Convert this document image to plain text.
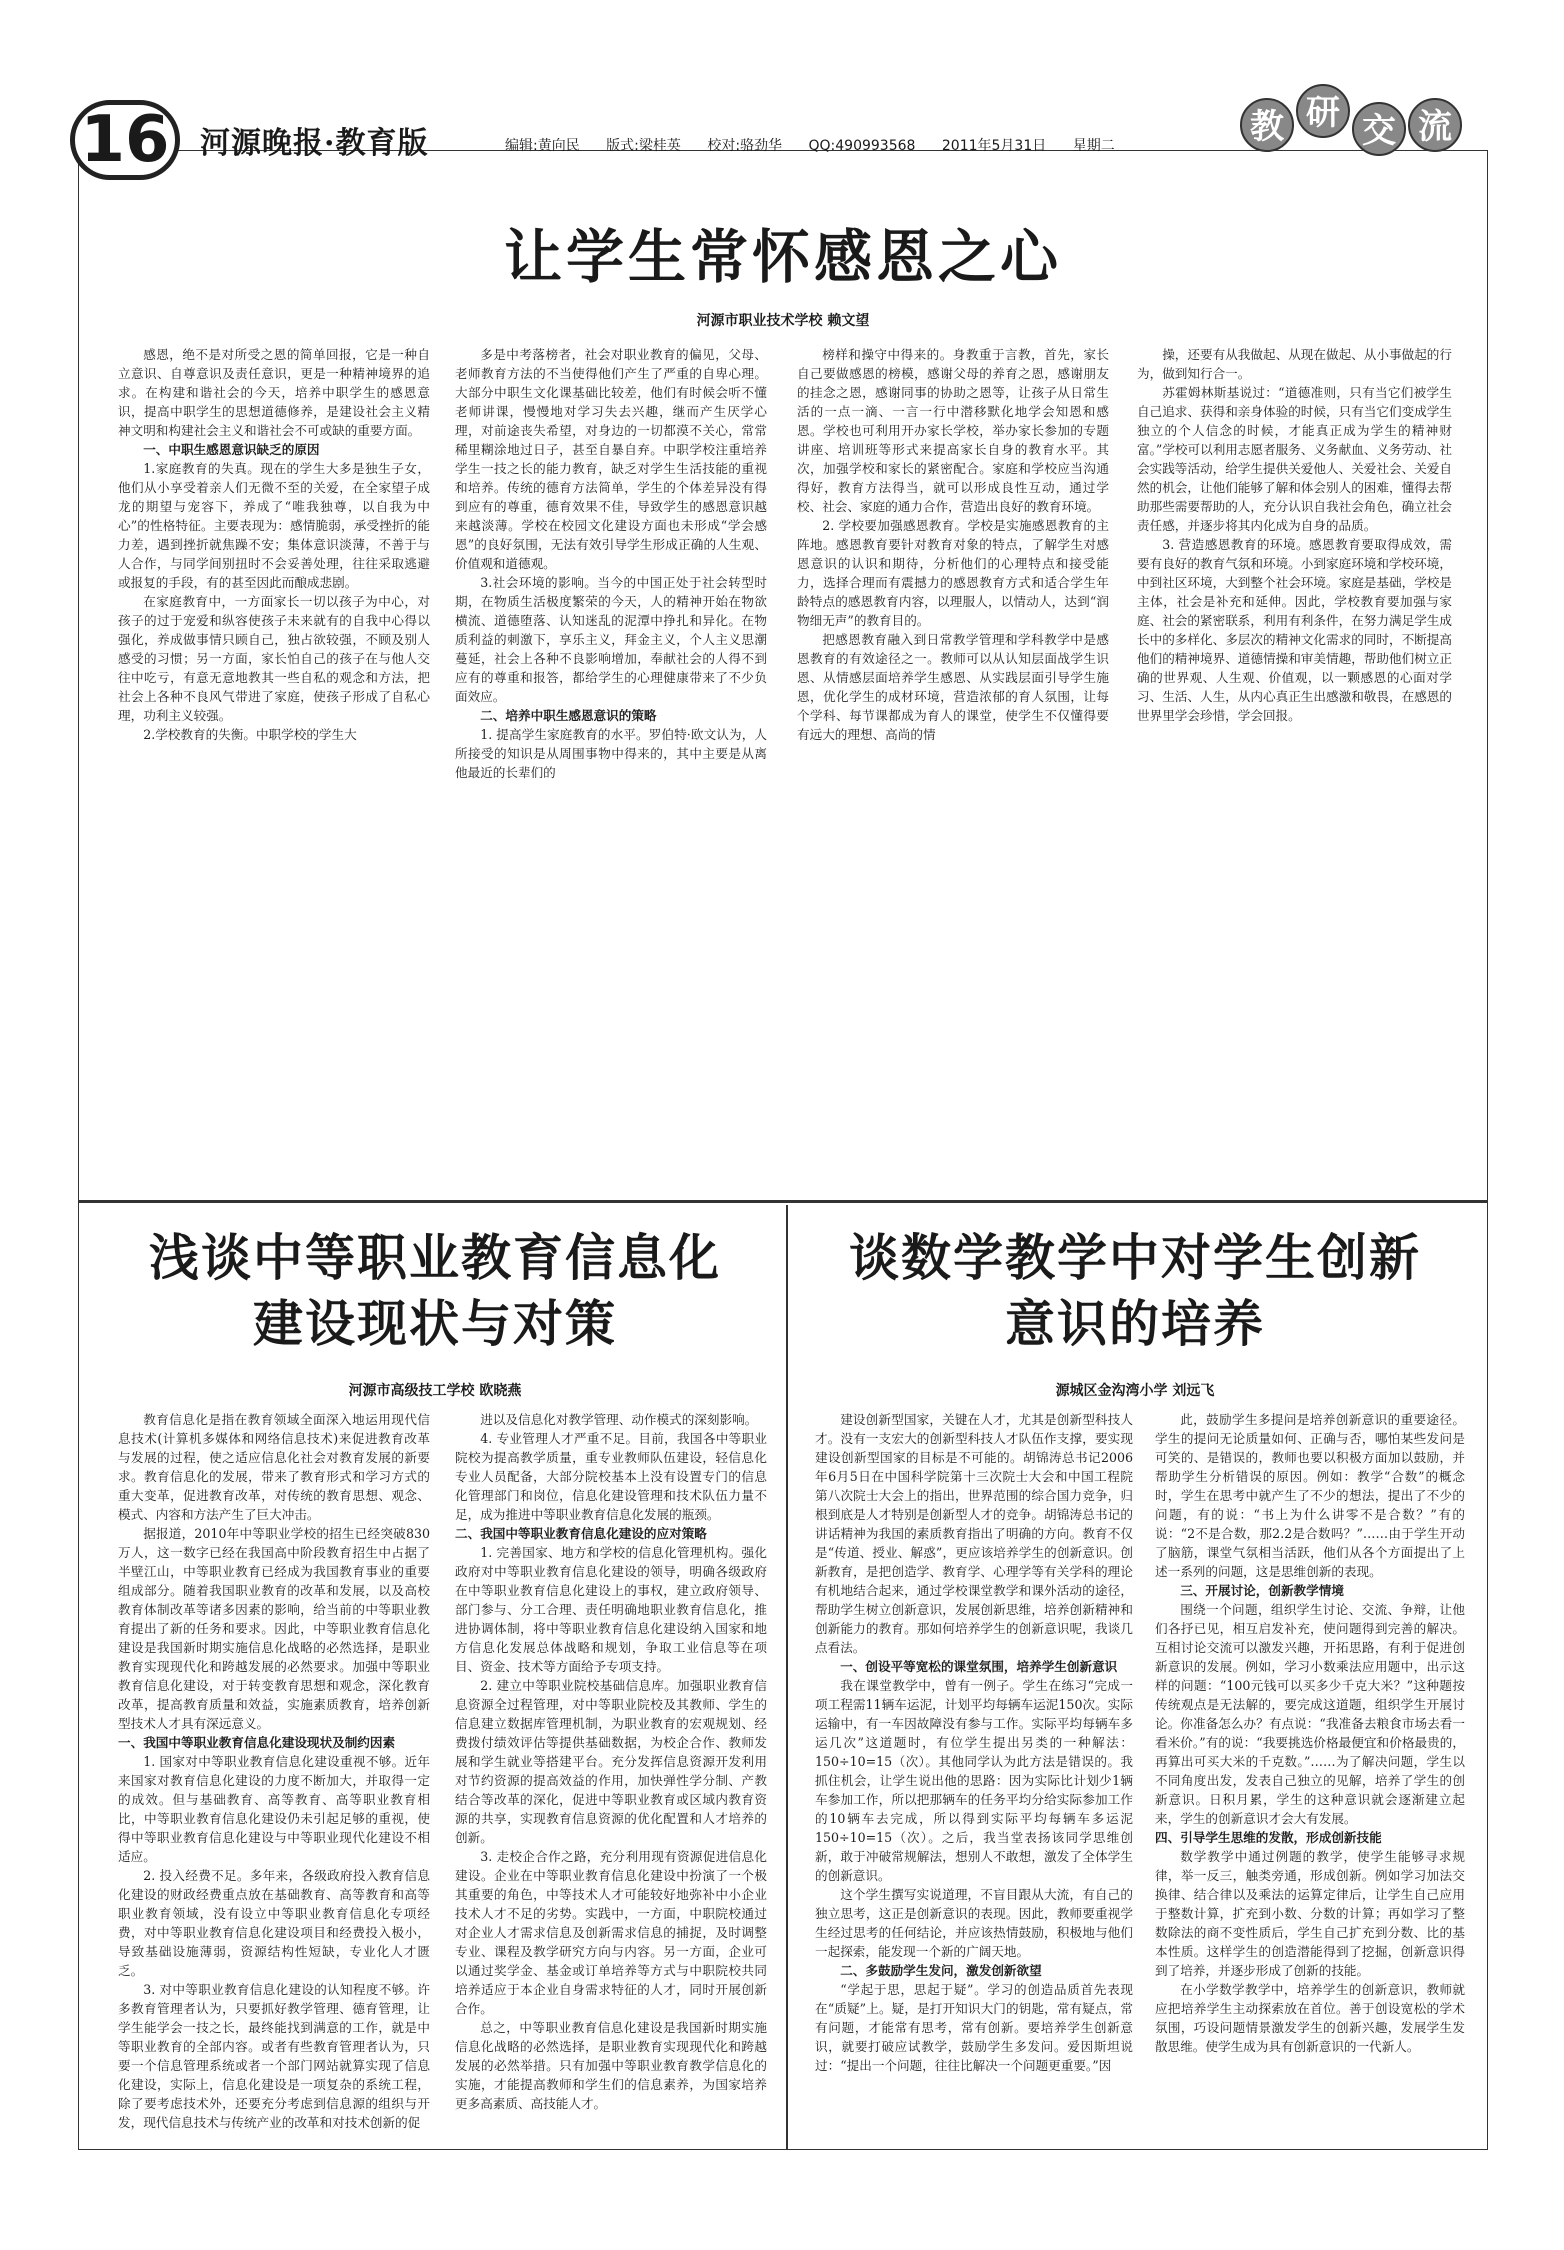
16	河源晚报·教育版	编辑:黄向民 版式:梁桂英 校对:骆劲华 QQ:490993568 2011年5月31日 星期二	教 研 交 流
让学生常怀感恩之心
河源市职业技术学校 赖文望

感恩，绝不是对所受之恩的简单回报，它是一种自立意识、自尊意识及责任意识，更是一种精神境界的追求。在构建和谐社会的今天，培养中职学生的感恩意识，提高中职学生的思想道德修养，是建设社会主义精神文明和构建社会主义和谐社会不可或缺的重要方面。

一、中职生感恩意识缺乏的原因

1.家庭教育的失真。现在的学生大多是独生子女，他们从小享受着亲人们无微不至的关爱，在全家望子成龙的期望与宠容下，养成了“唯我独尊，以自我为中心”的性格特征。主要表现为：感情脆弱，承受挫折的能力差，遇到挫折就焦躁不安；集体意识淡薄，不善于与人合作，与同学间别扭时不会妥善处理，往往采取逃避或报复的手段，有的甚至因此而酿成悲剧。

在家庭教育中，一方面家长一切以孩子为中心，对孩子的过于宠爱和纵容使孩子未来就有的自我中心得以强化，养成做事情只顾自己，独占欲较强，不顾及别人感受的习惯；另一方面，家长怕自己的孩子在与他人交往中吃亏，有意无意地教其一些自私的观念和方法，把社会上各种不良风气带进了家庭，使孩子形成了自私心理，功利主义较强。

2.学校教育的失衡。中职学校的学生大

多是中考落榜者，社会对职业教育的偏见，父母、老师教育方法的不当使得他们产生了严重的自卑心理。大部分中职生文化课基础比较差，他们有时候会听不懂老师讲课，慢慢地对学习失去兴趣，继而产生厌学心理，对前途丧失希望，对身边的一切都漠不关心，常常稀里糊涂地过日子，甚至自暴自弃。中职学校注重培养学生一技之长的能力教育，缺乏对学生生活技能的重视和培养。传统的德育方法简单，学生的个体差异没有得到应有的尊重，德育效果不佳，导致学生的感恩意识越来越淡薄。学校在校园文化建设方面也未形成“学会感恩”的良好氛围，无法有效引导学生形成正确的人生观、价值观和道德观。

3.社会环境的影响。当今的中国正处于社会转型时期，在物质生活极度繁荣的今天，人的精神开始在物欲横流、道德堕落、认知迷乱的泥潭中挣扎和异化。在物质利益的刺激下，享乐主义，拜金主义，个人主义思潮蔓延，社会上各种不良影响增加，奉献社会的人得不到应有的尊重和报答，都给学生的心理健康带来了不少负面效应。

二、培养中职生感恩意识的策略

1. 提高学生家庭教育的水平。罗伯特·欧文认为，人所接受的知识是从周围事物中得来的，其中主要是从离他最近的长辈们的

榜样和操守中得来的。身教重于言教，首先，家长自己要做感恩的榜模，感谢父母的养育之恩，感谢朋友的挂念之恩，感谢同事的协助之恩等，让孩子从日常生活的一点一滴、一言一行中潜移默化地学会知恩和感恩。学校也可利用开办家长学校，举办家长参加的专题讲座、培训班等形式来提高家长自身的教育水平。其次，加强学校和家长的紧密配合。家庭和学校应当沟通得好，教育方法得当，就可以形成良性互动，通过学校、社会、家庭的通力合作，营造出良好的教育环境。

2. 学校要加强感恩教育。学校是实施感恩教育的主阵地。感恩教育要针对教育对象的特点，了解学生对感恩意识的认识和期待，分析他们的心理特点和接受能力，选择合理而有震撼力的感恩教育方式和适合学生年龄特点的感恩教育内容，以理服人，以情动人，达到“润物细无声”的教育目的。

把感恩教育融入到日常教学管理和学科教学中是感恩教育的有效途径之一。教师可以从认知层面战学生识恩、从情感层面培养学生感恩、从实践层面引导学生施恩，优化学生的成材环境，营造浓郁的育人氛围，让每个学科、每节课都成为育人的课堂，使学生不仅懂得要有远大的理想、高尚的情

操，还要有从我做起、从现在做起、从小事做起的行为，做到知行合一。

苏霍姆林斯基说过：“道德准则，只有当它们被学生自己追求、获得和亲身体验的时候，只有当它们变成学生独立的个人信念的时候，才能真正成为学生的精神财富。”学校可以利用志愿者服务、义务献血、义务劳动、社会实践等活动，给学生提供关爱他人、关爱社会、关爱自然的机会，让他们能够了解和体会别人的困难，懂得去帮助那些需要帮助的人，充分认识自我社会角色，确立社会责任感，并逐步将其内化成为自身的品质。

3. 营造感恩教育的环境。感恩教育要取得成效，需要有良好的教育气氛和环境。小到家庭环境和学校环境，中到社区环境，大到整个社会环境。家庭是基础，学校是主体，社会是补充和延伸。因此，学校教育要加强与家庭、社会的紧密联系，利用有利条件，在努力满足学生成长中的多样化、多层次的精神文化需求的同时，不断提高他们的精神境界、道德情操和审美情趣，帮助他们树立正确的世界观、人生观、价值观，以一颗感恩的心面对学习、生活、人生，从内心真正生出感激和敬畏，在感恩的世界里学会珍惜，学会回报。

浅谈中等职业教育信息化
建设现状与对策
河源市高级技工学校 欧晓燕

教育信息化是指在教育领域全面深入地运用现代信息技术(计算机多媒体和网络信息技术)来促进教育改革与发展的过程，使之适应信息化社会对教育发展的新要求。教育信息化的发展，带来了教育形式和学习方式的重大变革，促进教育改革，对传统的教育思想、观念、模式、内容和方法产生了巨大冲击。

据报道，2010年中等职业学校的招生已经突破830万人，这一数字已经在我国高中阶段教育招生中占据了半壁江山，中等职业教育已经成为我国教育事业的重要组成部分。随着我国职业教育的改革和发展，以及高校教育体制改革等诸多因素的影响，给当前的中等职业教育提出了新的任务和要求。因此，中等职业教育信息化建设是我国新时期实施信息化战略的必然选择，是职业教育实现现代化和跨越发展的必然要求。加强中等职业教育信息化建设，对于转变教育思想和观念，深化教育改革，提高教育质量和效益，实施素质教育，培养创新型技术人才具有深远意义。

一、我国中等职业教育信息化建设现状及制约因素

1. 国家对中等职业教育信息化建设重视不够。近年来国家对教育信息化建设的力度不断加大，并取得一定的成效。但与基础教育、高等教育、高等职业教育相比，中等职业教育信息化建设仍未引起足够的重视，使得中等职业教育信息化建设与中等职业现代化建设不相适应。

2. 投入经费不足。多年来，各级政府投入教育信息化建设的财政经费重点放在基础教育、高等教育和高等职业教育领域，没有设立中等职业教育信息化专项经费，对中等职业教育信息化建设项目和经费投入极小，导致基础设施薄弱，资源结构性短缺，专业化人才匮乏。

3. 对中等职业教育信息化建设的认知程度不够。许多教育管理者认为，只要抓好教学管理、德育管理，让学生能学会一技之长，最终能找到满意的工作，就是中等职业教育的全部内容。或者有些教育管理者认为，只要一个信息管理系统或者一个部门网站就算实现了信息化建设，实际上，信息化建设是一项复杂的系统工程，除了要考虑技术外，还要充分考虑到信息源的组织与开发，现代信息技术与传统产业的改革和对技术创新的促

进以及信息化对教学管理、动作模式的深刻影响。

4. 专业管理人才严重不足。目前，我国各中等职业院校为提高教学质量，重专业教师队伍建设，轻信息化专业人员配备，大部分院校基本上没有设置专门的信息化管理部门和岗位，信息化建设管理和技术队伍力量不足，成为推进中等职业教育信息化发展的瓶颈。

二、我国中等职业教育信息化建设的应对策略

1. 完善国家、地方和学校的信息化管理机构。强化政府对中等职业教育信息化建设的领导，明确各级政府在中等职业教育信息化建设上的事权，建立政府领导、部门参与、分工合理、责任明确地职业教育信息化，推进协调体制，将中等职业教育信息化建设纳入国家和地方信息化发展总体战略和规划，争取工业信息等在项目、资金、技术等方面给予专项支持。

2. 建立中等职业院校基础信息库。加强职业教育信息资源全过程管理，对中等职业院校及其教师、学生的信息建立数据库管理机制，为职业教育的宏观规划、经费拨付绩效评估等提供基础数据，为校企合作、教师发展和学生就业等搭建平台。充分发挥信息资源开发利用对节约资源的提高效益的作用，加快弹性学分制、产教结合等改革的深化，促进中等职业教育或区域内教育资源的共享，实现教育信息资源的优化配置和人才培养的创新。

3. 走校企合作之路，充分利用现有资源促进信息化建设。企业在中等职业教育信息化建设中扮演了一个极其重要的角色，中等技术人才可能较好地弥补中小企业技术人才不足的劣势。实践中，一方面，中职院校通过对企业人才需求信息及创新需求信息的捕捉，及时调整专业、课程及教学研究方向与内容。另一方面，企业可以通过奖学金、基金或订单培养等方式与中职院校共同培养适应于本企业自身需求特征的人才，同时开展创新合作。

总之，中等职业教育信息化建设是我国新时期实施信息化战略的必然选择，是职业教育实现现代化和跨越发展的必然举措。只有加强中等职业教育教学信息化的实施，才能提高教师和学生们的信息素养，为国家培养更多高素质、高技能人才。

谈数学教学中对学生创新
意识的培养
源城区金沟湾小学 刘远飞

建设创新型国家，关键在人才，尤其是创新型科技人才。没有一支宏大的创新型科技人才队伍作支撑，要实现建设创新型国家的目标是不可能的。胡锦涛总书记2006年6月5日在中国科学院第十三次院士大会和中国工程院第八次院士大会上的指出，世界范围的综合国力竞争，归根到底是人才特别是创新型人才的竞争。胡锦涛总书记的讲话精神为我国的素质教育指出了明确的方向。教育不仅是“传道、授业、解惑”，更应该培养学生的创新意识。创新教育，是把创造学、教育学、心理学等有关学科的理论有机地结合起来，通过学校课堂教学和课外活动的途径，帮助学生树立创新意识，发展创新思维，培养创新精神和创新能力的教育。那如何培养学生的创新意识呢，我谈几点看法。

一、创设平等宽松的课堂氛围，培养学生创新意识

我在课堂教学中，曾有一例子。学生在练习“完成一项工程需11辆车运泥，计划平均每辆车运泥150次。实际运输中，有一车因故障没有参与工作。实际平均每辆车多运几次”这道题时，有位学生提出另类的一种解法：150÷10=15（次）。其他同学认为此方法是错误的。我抓住机会，让学生说出他的思路：因为实际比计划少1辆车参加工作，所以把那辆车的任务平均分给实际参加工作的10辆车去完成，所以得到实际平均每辆车多运泥150÷10=15（次）。之后，我当堂表扬该同学思维创新，敢于冲破常规解法，想别人不敢想，激发了全体学生的创新意识。

这个学生撰写实说道理，不盲目跟从大流，有自己的独立思考，这正是创新意识的表现。因此，教师要重视学生经过思考的任何结论，并应该热情鼓励，积极地与他们一起探索，能发现一个新的广阔天地。

二、多鼓励学生发问，激发创新欲望

“学起于思，思起于疑”。学习的创造品质首先表现在“质疑”上。疑，是打开知识大门的钥匙，常有疑点，常有问题，才能常有思考，常有创新。要培养学生创新意识，就要打破应试教学，鼓励学生多发问。爱因斯坦说过：“提出一个问题，往往比解决一个问题更重要。”因

此，鼓励学生多提问是培养创新意识的重要途径。学生的提问无论质量如何、正确与否，哪怕某些发问是可笑的、是错误的，教师也要以积极方面加以鼓励，并帮助学生分析错误的原因。例如：教学“合数”的概念时，学生在思考中就产生了不少的想法，提出了不少的问题，有的说：“书上为什么讲零不是合数？”有的说：“2不是合数，那2.2是合数吗？”……由于学生开动了脑筋，课堂气氛相当活跃，他们从各个方面提出了上述一系列的问题，这是思维创新的表现。

三、开展讨论，创新教学情境

围绕一个问题，组织学生讨论、交流、争辩，让他们各抒已见，相互启发补充，使问题得到完善的解决。互相讨论交流可以激发兴趣，开拓思路，有利于促进创新意识的发展。例如，学习小数乘法应用题中，出示这样的问题：“100元钱可以买多少千克大米？”这种题按传统观点是无法解的，要完成这道题，组织学生开展讨论。你准备怎么办？有点说：“我准备去粮食市场去看一看米价。”有的说：“我要挑选价格最便宜和价格最贵的，再算出可买大米的千克数。”……为了解决问题，学生以不同角度出发，发表自己独立的见解，培养了学生的创新意识。日积月累，学生的这种意识就会逐渐建立起来，学生的创新意识才会大有发展。

四、引导学生思维的发散，形成创新技能

数学教学中通过例题的教学，使学生能够寻求规律，举一反三，触类旁通，形成创新。例如学习加法交换律、结合律以及乘法的运算定律后，让学生自己应用于整数计算，扩充到小数、分数的计算；再如学习了整数除法的商不变性质后，学生自己扩充到分数、比的基本性质。这样学生的创造潜能得到了挖掘，创新意识得到了培养，并逐步形成了创新的技能。

在小学数学教学中，培养学生的创新意识，教师就应把培养学生主动探索放在首位。善于创设宽松的学术氛围，巧设问题情景激发学生的创新兴趣，发展学生发散思维。使学生成为具有创新意识的一代新人。
